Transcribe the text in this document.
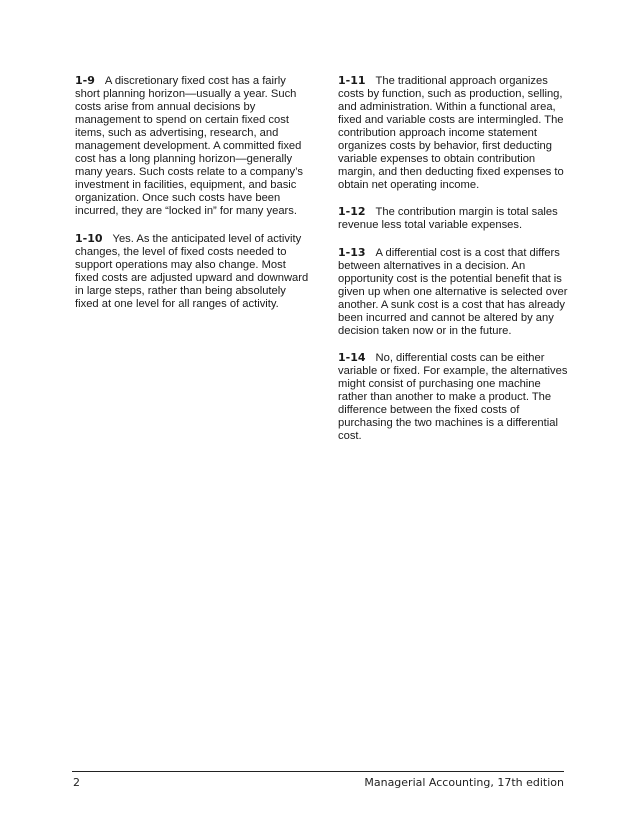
1-9 A discretionary fixed cost has a fairly short planning horizon—usually a year. Such costs arise from annual decisions by management to spend on certain fixed cost items, such as advertising, research, and management development. A committed fixed cost has a long planning horizon—generally many years. Such costs relate to a company’s investment in facilities, equipment, and basic organization. Once such costs have been incurred, they are “locked in” for many years.

1-10 Yes. As the anticipated level of activity changes, the level of fixed costs needed to support operations may also change. Most fixed costs are adjusted upward and downward in large steps, rather than being absolutely fixed at one level for all ranges of activity.

1-11 The traditional approach organizes costs by function, such as production, selling, and administration. Within a functional area, fixed and variable costs are intermingled. The contribution approach income statement organizes costs by behavior, first deducting variable expenses to obtain contribution margin, and then deducting fixed expenses to obtain net operating income.

1-12 The contribution margin is total sales revenue less total variable expenses.

1-13 A differential cost is a cost that differs between alternatives in a decision. An opportunity cost is the potential benefit that is given up when one alternative is selected over another. A sunk cost is a cost that has already been incurred and cannot be altered by any decision taken now or in the future.

1-14 No, differential costs can be either variable or fixed. For example, the alternatives might consist of purchasing one machine rather than another to make a product. The difference between the fixed costs of purchasing the two machines is a differential cost.

2	Managerial Accounting, 17th edition
